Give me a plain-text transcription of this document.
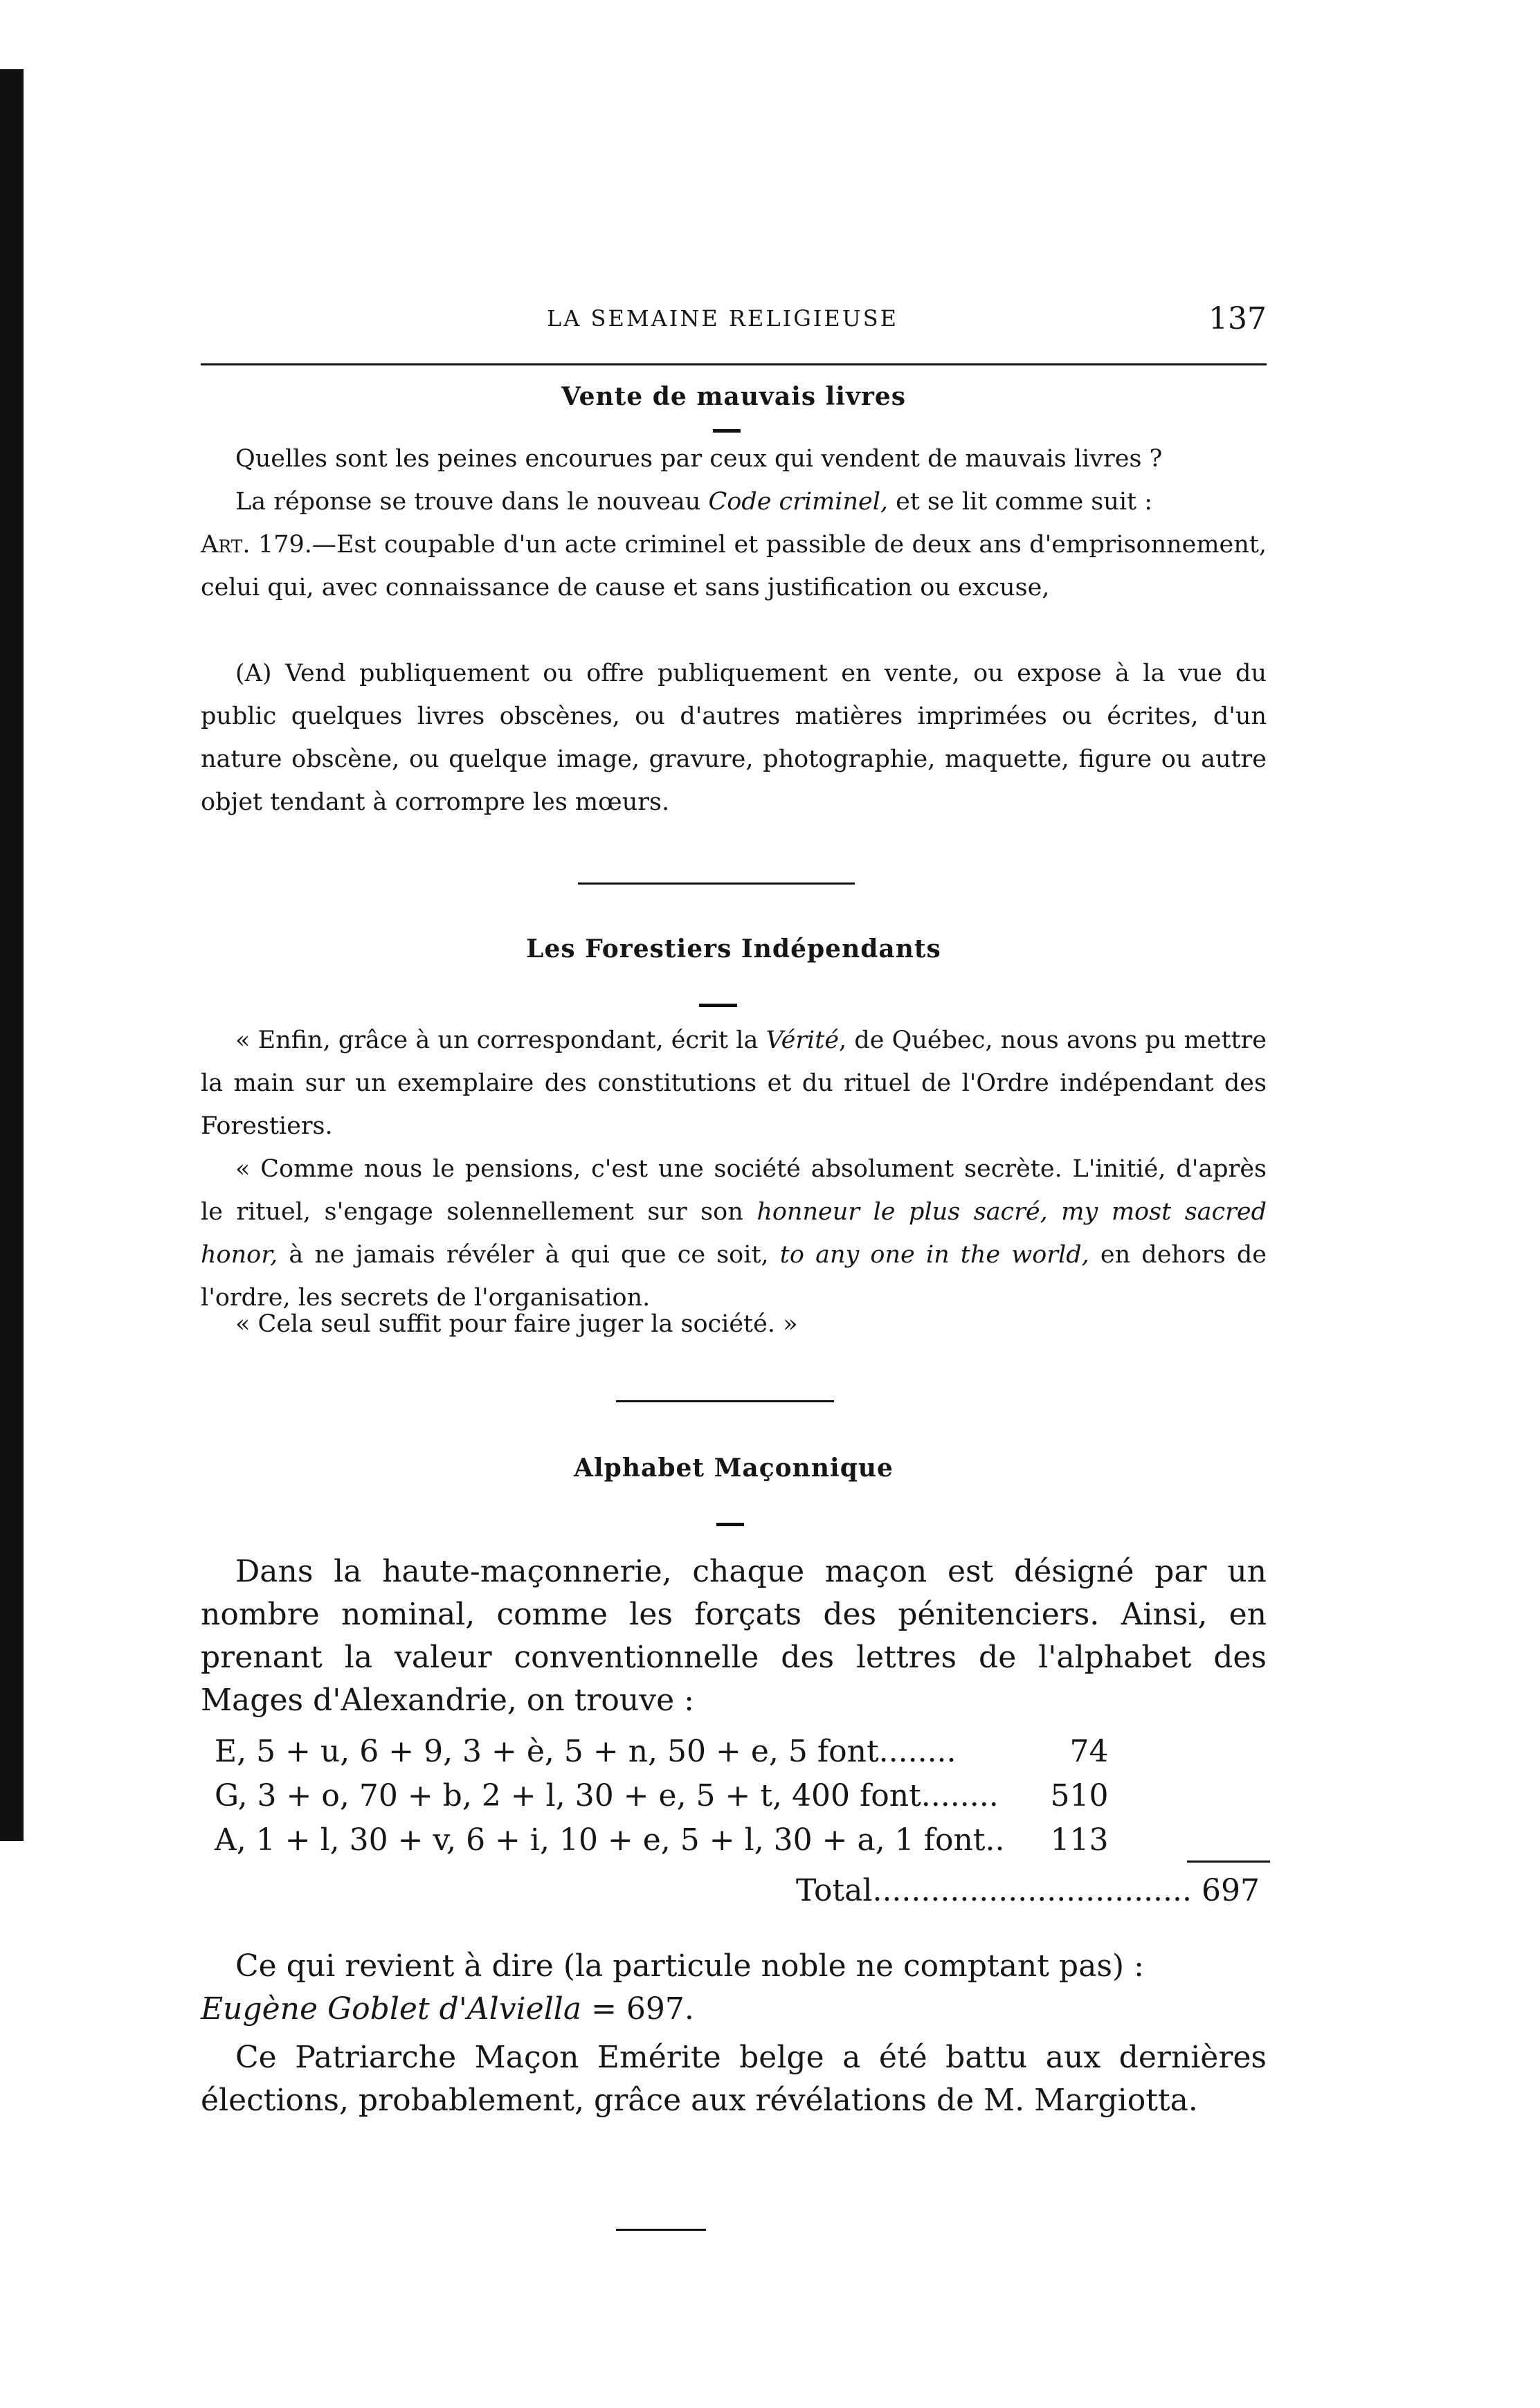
LA SEMAINE RELIGIEUSE	137
Vente de mauvais livres

Quelles sont les peines encourues par ceux qui vendent de mauvais livres ?

La réponse se trouve dans le nouveau Code criminel, et se lit comme suit :

Art. 179.—Est coupable d'un acte criminel et passible de deux ans d'emprisonnement, celui qui, avec connaissance de cause et sans justification ou excuse,

(A) Vend publiquement ou offre publiquement en vente, ou expose à la vue du public quelques livres obscènes, ou d'autres matières imprimées ou écrites, d'un nature obscène, ou quelque image, gravure, photographie, maquette, figure ou autre objet tendant à corrompre les mœurs.

Les Forestiers Indépendants

« Enfin, grâce à un correspondant, écrit la Vérité, de Québec, nous avons pu mettre la main sur un exemplaire des constitutions et du rituel de l'Ordre indépendant des Forestiers.

« Comme nous le pensions, c'est une société absolument secrète. L'initié, d'après le rituel, s'engage solennellement sur son honneur le plus sacré, my most sacred honor, à ne jamais révéler à qui que ce soit, to any one in the world, en dehors de l'ordre, les secrets de l'organisation.

« Cela seul suffit pour faire juger la société. »

Alphabet Maçonnique

Dans la haute-maçonnerie, chaque maçon est désigné par un nombre nominal, comme les forçats des pénitenciers. Ainsi, en prenant la valeur conventionnelle des lettres de l'alphabet des Mages d'Alexandrie, on trouve :

E, 5 + u, 6 + 9, 3 + è, 5 + n, 50 + e, 5 font........	74
G, 3 + o, 70 + b, 2 + l, 30 + e, 5 + t, 400 font........	510
A, 1 + l, 30 + v, 6 + i, 10 + e, 5 + l, 30 + a, 1 font..	113
Total................................. 697

Ce qui revient à dire (la particule noble ne comptant pas) :

Eugène Goblet d'Alviella = 697.

Ce Patriarche Maçon Emérite belge a été battu aux dernières élections, probablement, grâce aux révélations de M. Margiotta.
